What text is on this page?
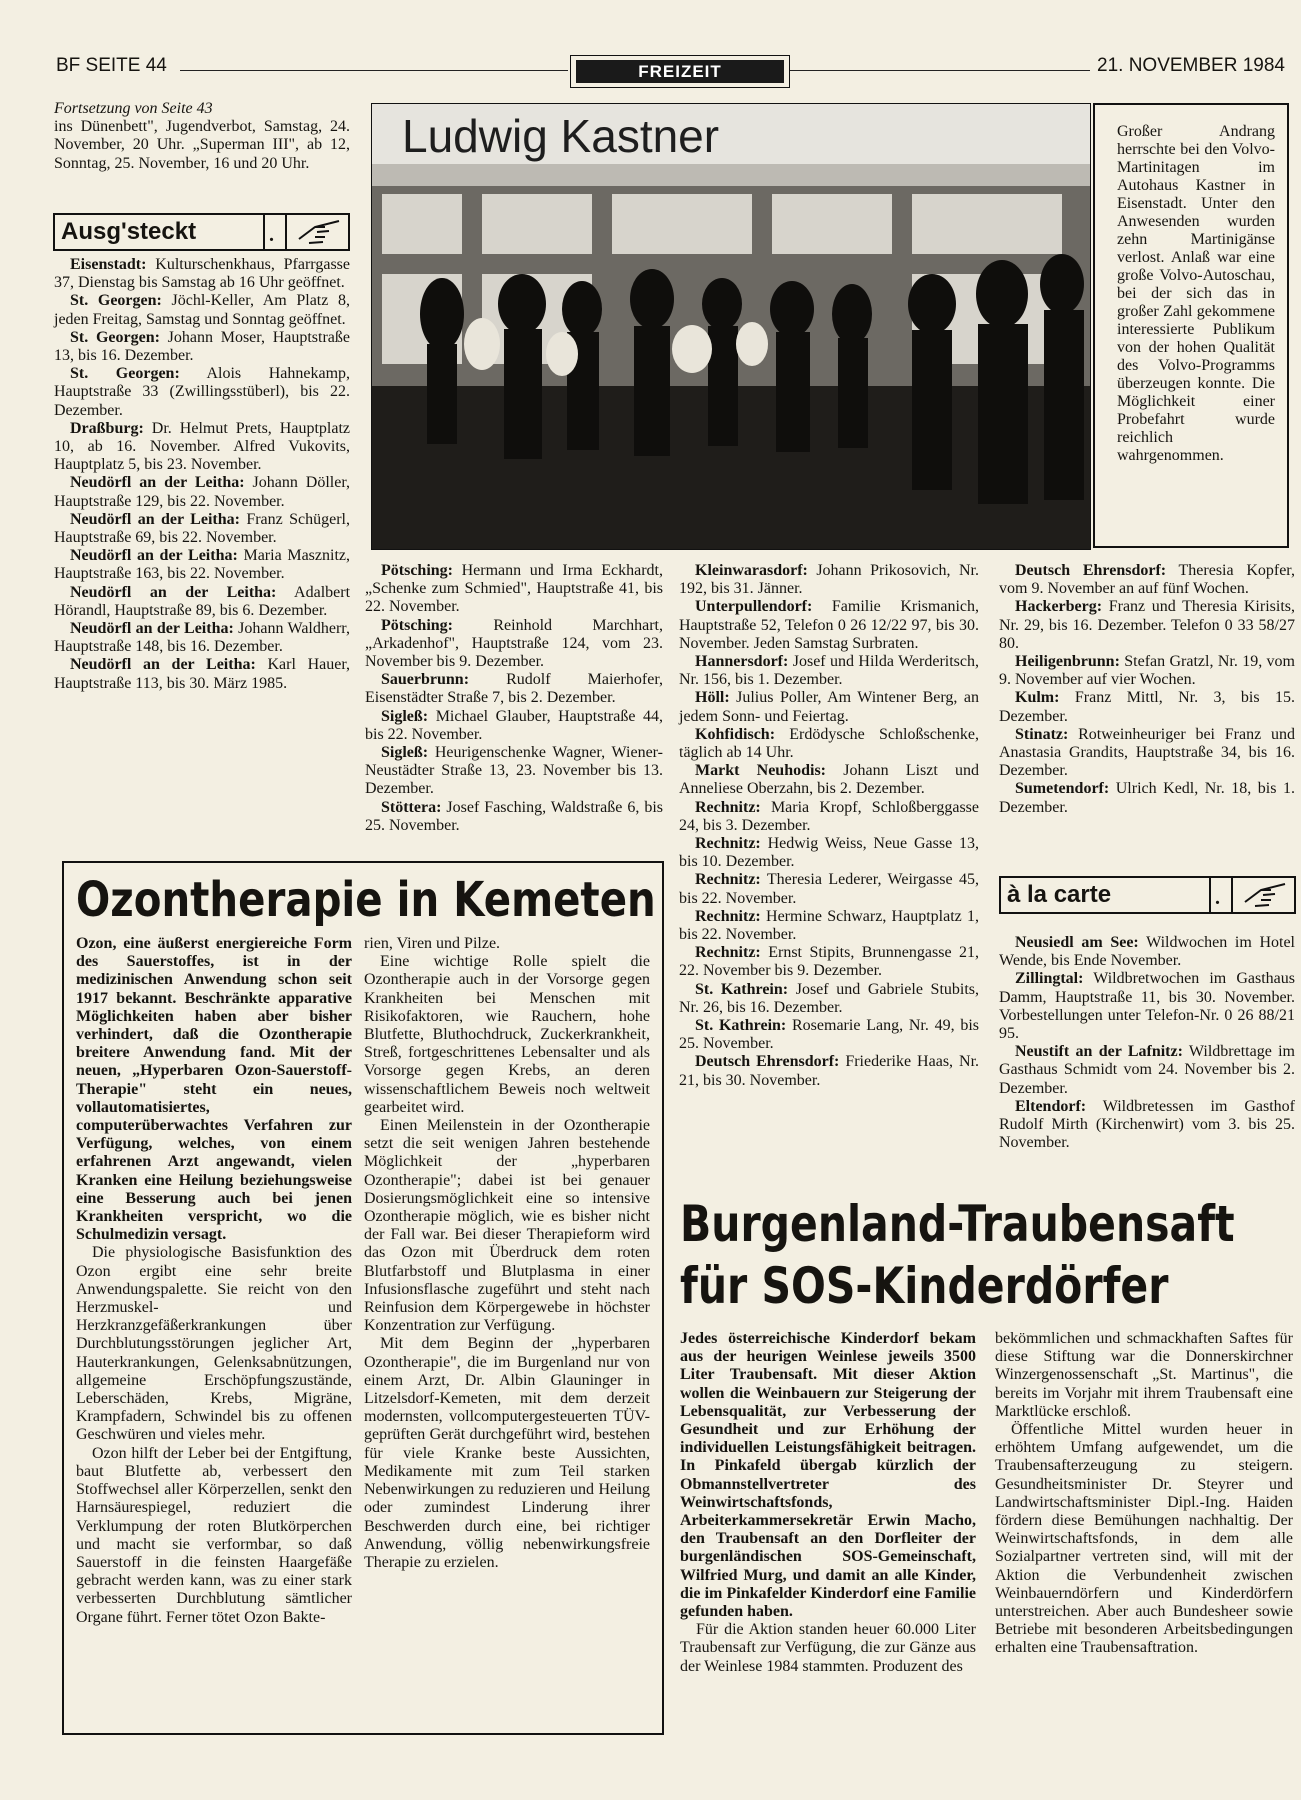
BF SEITE 44	FREIZEIT	21. NOVEMBER 1984

Fortsetzung von Seite 43

ins Dünenbett", Jugendverbot, Samstag, 24. November, 20 Uhr. „Superman III", ab 12, Sonntag, 25. November, 16 und 20 Uhr.

Ausg'steckt	.

Eisenstadt: Kulturschenkhaus, Pfarrgasse 37, Dienstag bis Samstag ab 16 Uhr geöffnet.

St. Georgen: Jöchl-Keller, Am Platz 8, jeden Freitag, Samstag und Sonntag geöffnet.

St. Georgen: Johann Moser, Hauptstraße 13, bis 16. Dezember.

St. Georgen: Alois Hahnekamp, Hauptstraße 33 (Zwillingsstüberl), bis 22. Dezember.

Draßburg: Dr. Helmut Prets, Hauptplatz 10, ab 16. November. Alfred Vukovits, Hauptplatz 5, bis 23. November.

Neudörfl an der Leitha: Johann Döller, Hauptstraße 129, bis 22. November.

Neudörfl an der Leitha: Franz Schügerl, Hauptstraße 69, bis 22. November.

Neudörfl an der Leitha: Maria Masznitz, Hauptstraße 163, bis 22. November.

Neudörfl an der Leitha: Adalbert Hörandl, Hauptstraße 89, bis 6. Dezember.

Neudörfl an der Leitha: Johann Waldherr, Hauptstraße 148, bis 16. Dezember.

Neudörfl an der Leitha: Karl Hauer, Hauptstraße 113, bis 30. März 1985.

Ludwig Kastner	Großer Andrang herrschte bei den Volvo-Martinitagen im Autohaus Kastner in Eisenstadt. Unter den Anwesenden wurden zehn Martinigänse verlost. Anlaß war eine große Volvo-Autoschau, bei der sich das in großer Zahl gekommene interessierte Publikum von der hohen Qualität des Volvo-Programms überzeugen konnte. Die Möglichkeit einer Probefahrt wurde reichlich wahrgenommen.

Pötsching: Hermann und Irma Eckhardt, „Schenke zum Schmied", Hauptstraße 41, bis 22. November.

Pötsching: Reinhold Marchhart, „Arkadenhof", Hauptstraße 124, vom 23. November bis 9. Dezember.

Sauerbrunn: Rudolf Maierhofer, Eisenstädter Straße 7, bis 2. Dezember.

Sigleß: Michael Glauber, Hauptstraße 44, bis 22. November.

Sigleß: Heurigenschenke Wagner, Wiener-Neustädter Straße 13, 23. November bis 13. Dezember.

Stöttera: Josef Fasching, Waldstraße 6, bis 25. November.

Kleinwarasdorf: Johann Prikosovich, Nr. 192, bis 31. Jänner.

Unterpullendorf: Familie Krismanich, Hauptstraße 52, Telefon 0 26 12/22 97, bis 30. November. Jeden Samstag Surbraten.

Hannersdorf: Josef und Hilda Werderitsch, Nr. 156, bis 1. Dezember.

Höll: Julius Poller, Am Wintener Berg, an jedem Sonn- und Feiertag.

Kohfidisch: Erdödysche Schloßschenke, täglich ab 14 Uhr.

Markt Neuhodis: Johann Liszt und Anneliese Oberzahn, bis 2. Dezember.

Rechnitz: Maria Kropf, Schloßberggasse 24, bis 3. Dezember.

Rechnitz: Hedwig Weiss, Neue Gasse 13, bis 10. Dezember.

Rechnitz: Theresia Lederer, Weirgasse 45, bis 22. November.

Rechnitz: Hermine Schwarz, Hauptplatz 1, bis 22. November.

Rechnitz: Ernst Stipits, Brunnengasse 21, 22. November bis 9. Dezember.

St. Kathrein: Josef und Gabriele Stubits, Nr. 26, bis 16. Dezember.

St. Kathrein: Rosemarie Lang, Nr. 49, bis 25. November.

Deutsch Ehrensdorf: Friederike Haas, Nr. 21, bis 30. November.

Deutsch Ehrensdorf: Theresia Kopfer, vom 9. November an auf fünf Wochen.

Hackerberg: Franz und Theresia Kirisits, Nr. 29, bis 16. Dezember. Telefon 0 33 58/27 80.

Heiligenbrunn: Stefan Gratzl, Nr. 19, vom 9. November auf vier Wochen.

Kulm: Franz Mittl, Nr. 3, bis 15. Dezember.

Stinatz: Rotweinheuriger bei Franz und Anastasia Grandits, Hauptstraße 34, bis 16. Dezember.

Sumetendorf: Ulrich Kedl, Nr. 18, bis 1. Dezember.

à la carte	.

Neusiedl am See: Wildwochen im Hotel Wende, bis Ende November.

Zillingtal: Wildbretwochen im Gasthaus Damm, Hauptstraße 11, bis 30. November. Vorbestellungen unter Telefon-Nr. 0 26 88/21 95.

Neustift an der Lafnitz: Wildbrettage im Gasthaus Schmidt vom 24. November bis 2. Dezember.

Eltendorf: Wildbretessen im Gasthof Rudolf Mirth (Kirchenwirt) vom 3. bis 25. November.

Ozontherapie in Kemeten

Ozon, eine äußerst energiereiche Form des Sauerstoffes, ist in der medizinischen Anwendung schon seit 1917 bekannt. Beschränkte apparative Möglichkeiten haben aber bisher verhindert, daß die Ozontherapie breitere Anwendung fand. Mit der neuen, „Hyperbaren Ozon-Sauerstoff-Therapie" steht ein neues, vollautomatisiertes, computerüberwachtes Verfahren zur Verfügung, welches, von einem erfahrenen Arzt angewandt, vielen Kranken eine Heilung beziehungsweise eine Besserung auch bei jenen Krankheiten verspricht, wo die Schulmedizin versagt.

Die physiologische Basisfunktion des Ozon ergibt eine sehr breite Anwendungspalette. Sie reicht von den Herzmuskel- und Herzkranzgefäßerkrankungen über Durchblutungsstörungen jeglicher Art, Hauterkrankungen, Gelenksabnützungen, allgemeine Erschöpfungszustände, Leberschäden, Krebs, Migräne, Krampfadern, Schwindel bis zu offenen Geschwüren und vieles mehr.

Ozon hilft der Leber bei der Entgiftung, baut Blutfette ab, verbessert den Stoffwechsel aller Körperzellen, senkt den Harnsäurespiegel, reduziert die Verklumpung der roten Blutkörperchen und macht sie verformbar, so daß Sauerstoff in die feinsten Haargefäße gebracht werden kann, was zu einer stark verbesserten Durchblutung sämtlicher Organe führt. Ferner tötet Ozon Bakte-

rien, Viren und Pilze.

Eine wichtige Rolle spielt die Ozontherapie auch in der Vorsorge gegen Krankheiten bei Menschen mit Risikofaktoren, wie Rauchern, hohe Blutfette, Bluthochdruck, Zuckerkrankheit, Streß, fortgeschrittenes Lebensalter und als Vorsorge gegen Krebs, an deren wissenschaftlichem Beweis noch weltweit gearbeitet wird.

Einen Meilenstein in der Ozontherapie setzt die seit wenigen Jahren bestehende Möglichkeit der „hyperbaren Ozontherapie"; dabei ist bei genauer Dosierungsmöglichkeit eine so intensive Ozontherapie möglich, wie es bisher nicht der Fall war. Bei dieser Therapieform wird das Ozon mit Überdruck dem roten Blutfarbstoff und Blutplasma in einer Infusionsflasche zugeführt und steht nach Reinfusion dem Körpergewebe in höchster Konzentration zur Verfügung.

Mit dem Beginn der „hyperbaren Ozontherapie", die im Burgenland nur von einem Arzt, Dr. Albin Glauninger in Litzelsdorf-Kemeten, mit dem derzeit modernsten, vollcomputergesteuerten TÜV-geprüften Gerät durchgeführt wird, bestehen für viele Kranke beste Aussichten, Medikamente mit zum Teil starken Nebenwirkungen zu reduzieren und Heilung oder zumindest Linderung ihrer Beschwerden durch eine, bei richtiger Anwendung, völlig nebenwirkungsfreie Therapie zu erzielen.

Burgenland-Traubensaft
für SOS-Kinderdörfer

Jedes österreichische Kinderdorf bekam aus der heurigen Weinlese jeweils 3500 Liter Traubensaft. Mit dieser Aktion wollen die Weinbauern zur Steigerung der Lebensqualität, zur Verbesserung der Gesundheit und zur Erhöhung der individuellen Leistungsfähigkeit beitragen. In Pinkafeld übergab kürzlich der Obmannstellvertreter des Weinwirtschaftsfonds, Arbeiterkammersekretär Erwin Macho, den Traubensaft an den Dorfleiter der burgenländischen SOS-Gemeinschaft, Wilfried Murg, und damit an alle Kinder, die im Pinkafelder Kinderdorf eine Familie gefunden haben.

Für die Aktion standen heuer 60.000 Liter Traubensaft zur Verfügung, die zur Gänze aus der Weinlese 1984 stammten. Produzent des

bekömmlichen und schmackhaften Saftes für diese Stiftung war die Donnerskirchner Winzergenossenschaft „St. Martinus", die bereits im Vorjahr mit ihrem Traubensaft eine Marktlücke erschloß.

Öffentliche Mittel wurden heuer in erhöhtem Umfang aufgewendet, um die Traubensafterzeugung zu steigern. Gesundheitsminister Dr. Steyrer und Landwirtschaftsminister Dipl.-Ing. Haiden fördern diese Bemühungen nachhaltig. Der Weinwirtschaftsfonds, in dem alle Sozialpartner vertreten sind, will mit der Aktion die Verbundenheit zwischen Weinbauerndörfern und Kinderdörfern unterstreichen. Aber auch Bundesheer sowie Betriebe mit besonderen Arbeitsbedingungen erhalten eine Traubensaftration.
